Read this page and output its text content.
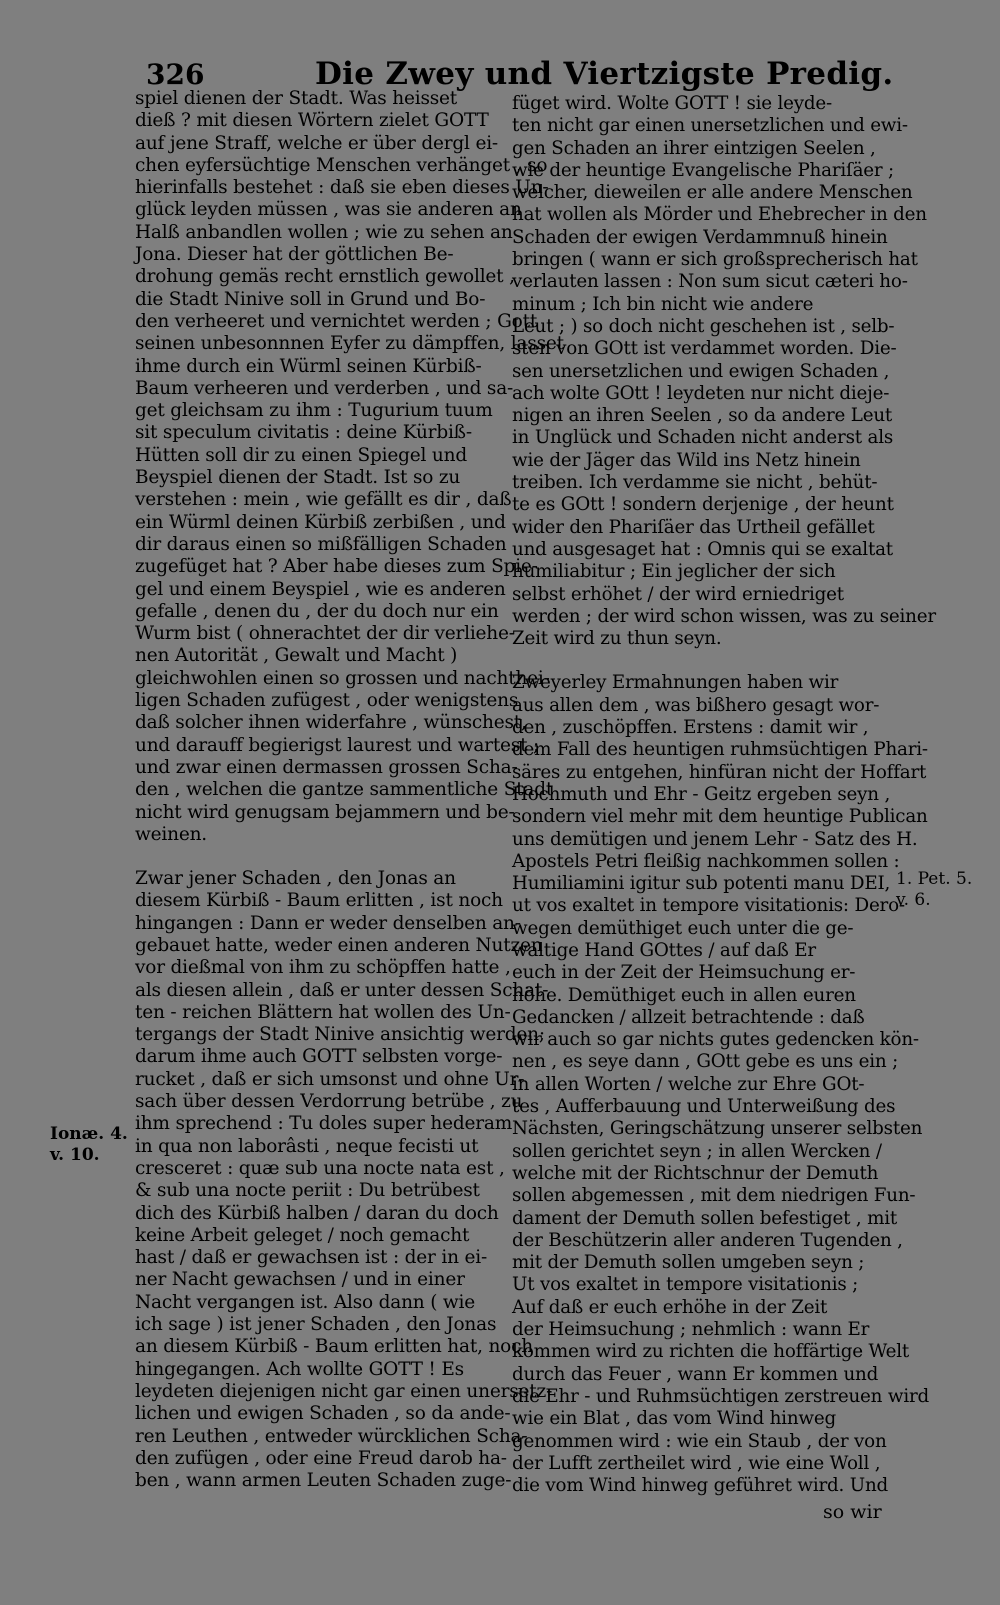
326	Die Zwey und Viertzigste Predig.
spiel dienen der Stadt. Was heisset
dieß ? mit diesen Wörtern zielet GOTT
auf jene Straff, welche er über dergl ei-
chen eyfersüchtige Menschen verhänget , so
hierinfalls bestehet : daß sie eben dieses Un-
glück leyden müssen , was sie anderen an
Halß anbandlen wollen ; wie zu sehen an
Jona. Dieser hat der göttlichen Be-
drohung gemäs recht ernstlich gewollet ,
die Stadt Ninive soll in Grund und Bo-
den verheeret und vernichtet werden ; Gott
seinen unbesonnnen Eyfer zu dämpffen, lasset
ihme durch ein Würml seinen Kürbiß-
Baum verheeren und verderben , und sa-
get gleichsam zu ihm : Tugurium tuum
sit speculum civitatis : deine Kürbiß-
Hütten soll dir zu einen Spiegel und
Beyspiel dienen der Stadt. Ist so zu
verstehen : mein , wie gefällt es dir , daß
ein Würml deinen Kürbiß zerbißen , und
dir daraus einen so mißfälligen Schaden
zugefüget hat ? Aber habe dieses zum Spie-
gel und einem Beyspiel , wie es anderen
gefalle , denen du , der du doch nur ein
Wurm bist ( ohnerachtet der dir verliehe-
nen Autorität , Gewalt und Macht )
gleichwohlen einen so grossen und nachthei-
ligen Schaden zufügest , oder wenigstens
daß solcher ihnen widerfahre , wünschest,
und darauff begierigst laurest und wartest ;
und zwar einen dermassen grossen Scha-
den , welchen die gantze sammentliche Stadt
nicht wird genugsam bejammern und be-
weinen.
Zwar jener Schaden , den Jonas an
diesem Kürbiß - Baum erlitten , ist noch
hingangen : Dann er weder denselben an-
gebauet hatte, weder einen anderen Nutzen
vor dießmal von ihm zu schöpffen hatte ,
als diesen allein , daß er unter dessen Schat-
ten - reichen Blättern hat wollen des Un-
tergangs der Stadt Ninive ansichtig werden;
darum ihme auch GOTT selbsten vorge-
rucket , daß er sich umsonst und ohne Ur-
sach über dessen Verdorrung betrübe , zu
ihm sprechend : Tu doles super hederam
in qua non laborâsti , neque fecisti ut
cresceret : quæ sub una nocte nata est ,
& sub una nocte periit : Du betrübest
dich des Kürbiß halben / daran du doch
keine Arbeit geleget / noch gemacht
hast / daß er gewachsen ist : der in ei-
ner Nacht gewachsen / und in einer
Nacht vergangen ist. Also dann ( wie
ich sage ) ist jener Schaden , den Jonas
an diesem Kürbiß - Baum erlitten hat, noch
hingegangen. Ach wollte GOTT ! Es
leydeten diejenigen nicht gar einen unersetz-
lichen und ewigen Schaden , so da ande-
ren Leuthen , entweder würcklichen Scha-
den zufügen , oder eine Freud darob ha-
ben , wann armen Leuten Schaden zuge-
füget wird. Wolte GOTT ! sie leyde-
ten nicht gar einen unersetzlichen und ewi-
gen Schaden an ihrer eintzigen Seelen ,
wie der heuntige Evangelische Phariſäer ;
welcher, dieweilen er alle andere Menschen
hat wollen als Mörder und Ehebrecher in den
Schaden der ewigen Verdammnuß hinein
bringen ( wann er sich großsprecherisch hat
verlauten lassen : Non sum sicut cæteri ho-
minum ; Ich bin nicht wie andere
Leut ; ) so doch nicht geschehen ist , selb-
sten von GOtt ist verdammet worden. Die-
sen unersetzlichen und ewigen Schaden ,
ach wolte GOtt ! leydeten nur nicht dieje-
nigen an ihren Seelen , so da andere Leut
in Unglück und Schaden nicht anderst als
wie der Jäger das Wild ins Netz hinein
treiben. Ich verdamme sie nicht , behüt-
te es GOtt ! sondern derjenige , der heunt
wider den Phariſäer das Urtheil gefället
und ausgesaget hat : Omnis qui se exaltat
humiliabitur ; Ein jeglicher der sich
selbst erhöhet / der wird erniedriget
werden ; der wird schon wissen, was zu seiner
Zeit wird zu thun seyn.
Zweyerley Ermahnungen haben wir
aus allen dem , was bißhero gesagt wor-
den , zuschöpffen. Erstens : damit wir ,
dem Fall des heuntigen ruhmsüchtigen Phari-
säres zu entgehen, hinfüran nicht der Hoffart
Hochmuth und Ehr - Geitz ergeben seyn ,
sondern viel mehr mit dem heuntige Publican
uns demütigen und jenem Lehr - Satz des H.
Apostels Petri fleißig nachkommen sollen :
Humiliamini igitur sub potenti manu DEI,
ut vos exaltet in tempore visitationis: Dero-
wegen demüthiget euch unter die ge-
waltige Hand GOttes / auf daß Er
euch in der Zeit der Heimsuchung er-
höhe. Demüthiget euch in allen euren
Gedancken / allzeit betrachtende : daß
wir auch so gar nichts gutes gedencken kön-
nen , es seye dann , GOtt gebe es uns ein ;
in allen Worten / welche zur Ehre GOt-
tes , Aufferbauung und Unterweißung des
Nächsten, Geringschätzung unserer selbsten
sollen gerichtet seyn ; in allen Wercken /
welche mit der Richtschnur der Demuth
sollen abgemessen , mit dem niedrigen Fun-
dament der Demuth sollen befestiget , mit
der Beschützerin aller anderen Tugenden ,
mit der Demuth sollen umgeben seyn ;
Ut vos exaltet in tempore visitationis ;
Auf daß er euch erhöhe in der Zeit
der Heimsuchung ; nehmlich : wann Er
kommen wird zu richten die hoffärtige Welt
durch das Feuer , wann Er kommen und
die Ehr - und Ruhmsüchtigen zerstreuen wird
wie ein Blat , das vom Wind hinweg
genommen wird : wie ein Staub , der von
der Lufft zertheilet wird , wie eine Woll ,
die vom Wind hinweg geführet wird. Und
so wir
Ionæ. 4.
v. 10.
1. Pet. 5.
v. 6.
